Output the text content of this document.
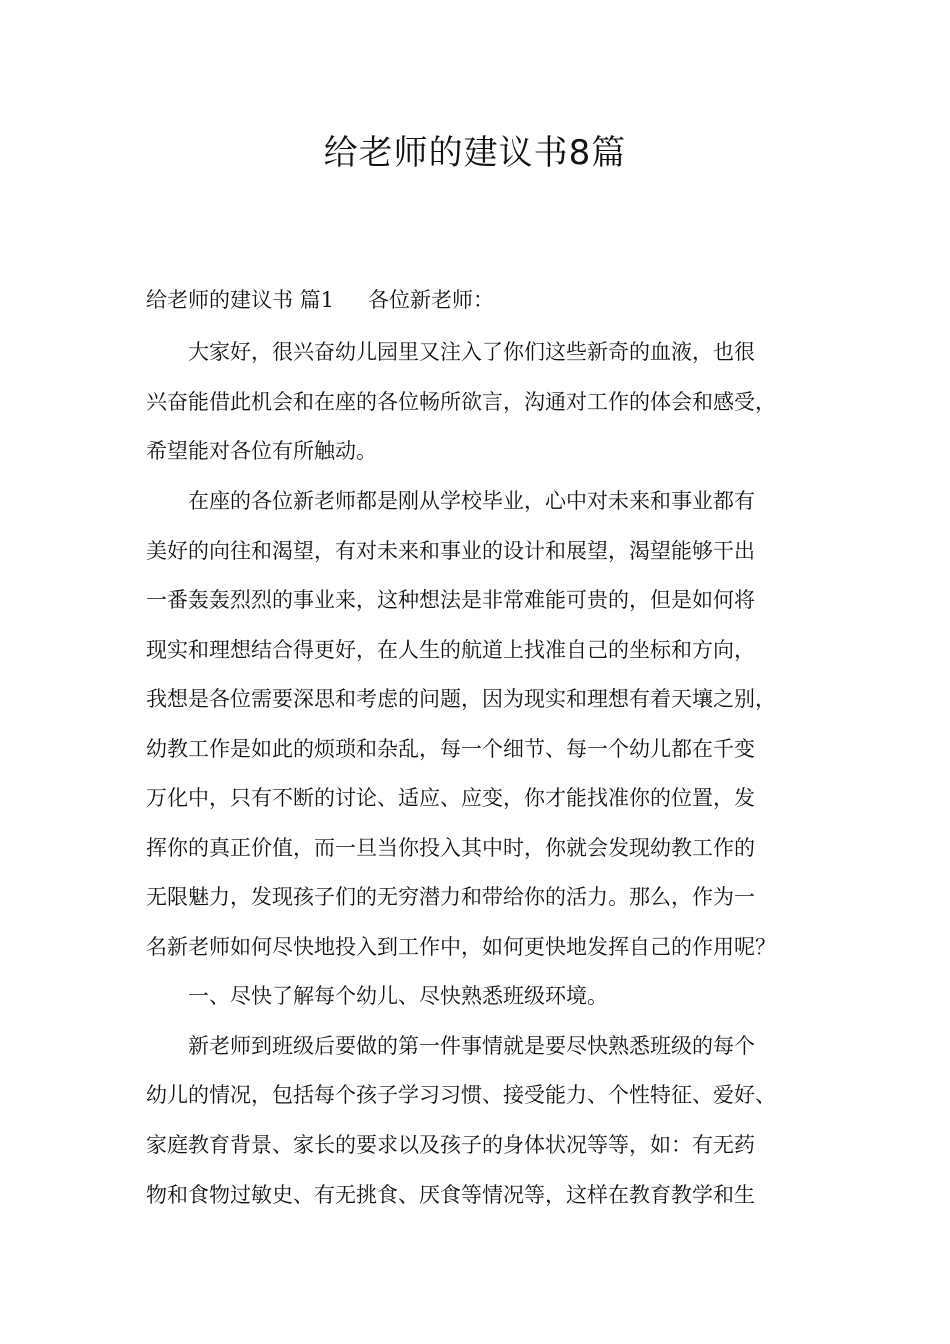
给老师的建议书8篇
给老师的建议书 篇1 各位新老师：
大家好，很兴奋幼儿园里又注入了你们这些新奇的血液，也很
兴奋能借此机会和在座的各位畅所欲言，沟通对工作的体会和感受，
希望能对各位有所触动。
在座的各位新老师都是刚从学校毕业，心中对未来和事业都有
美好的向往和渴望，有对未来和事业的设计和展望，渴望能够干出
一番轰轰烈烈的事业来，这种想法是非常难能可贵的，但是如何将
现实和理想结合得更好，在人生的航道上找准自己的坐标和方向，
我想是各位需要深思和考虑的问题，因为现实和理想有着天壤之别，
幼教工作是如此的烦琐和杂乱，每一个细节、每一个幼儿都在千变
万化中，只有不断的讨论、适应、应变，你才能找准你的位置，发
挥你的真正价值，而一旦当你投入其中时，你就会发现幼教工作的
无限魅力，发现孩子们的无穷潜力和带给你的活力。那么，作为一
名新老师如何尽快地投入到工作中，如何更快地发挥自己的作用呢？
一、尽快了解每个幼儿、尽快熟悉班级环境。
新老师到班级后要做的第一件事情就是要尽快熟悉班级的每个
幼儿的情况，包括每个孩子学习习惯、接受能力、个性特征、爱好、
家庭教育背景、家长的要求以及孩子的身体状况等等，如：有无药
物和食物过敏史、有无挑食、厌食等情况等，这样在教育教学和生
